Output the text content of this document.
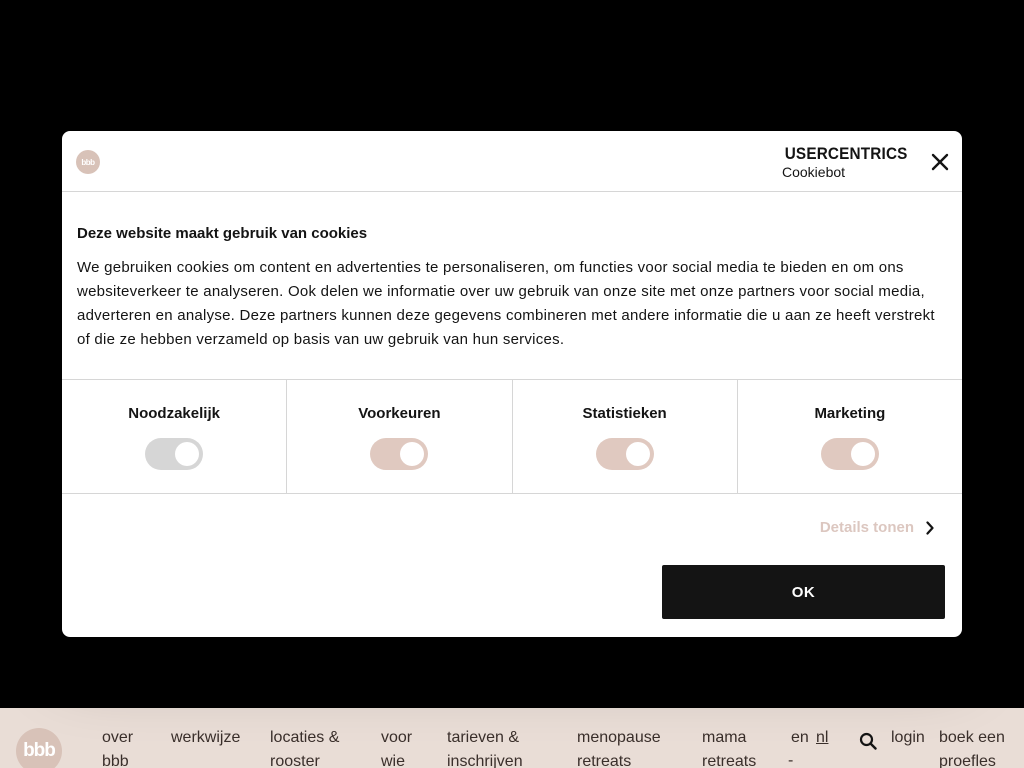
bbb
over bbb
werkwijze	locaties & rooster
voor wie
tarieven & inschrijven
menopause retreats
mama retreats
en nl
-
login boek een proefles
bbb	USERCENTRICS
Cookiebot
Deze website maakt gebruik van cookies

We gebruiken cookies om content en advertenties te personaliseren, om functies voor social media te bieden en om ons websiteverkeer te analyseren. Ook delen we informatie over uw gebruik van onze site met onze partners voor social media, adverteren en analyse. Deze partners kunnen deze gegevens combineren met andere informatie die u aan ze heeft verstrekt of die ze hebben verzameld op basis van uw gebruik van hun services.

Noodzakelijk	Voorkeuren	Statistieken	Marketing
Details tonen
OK
